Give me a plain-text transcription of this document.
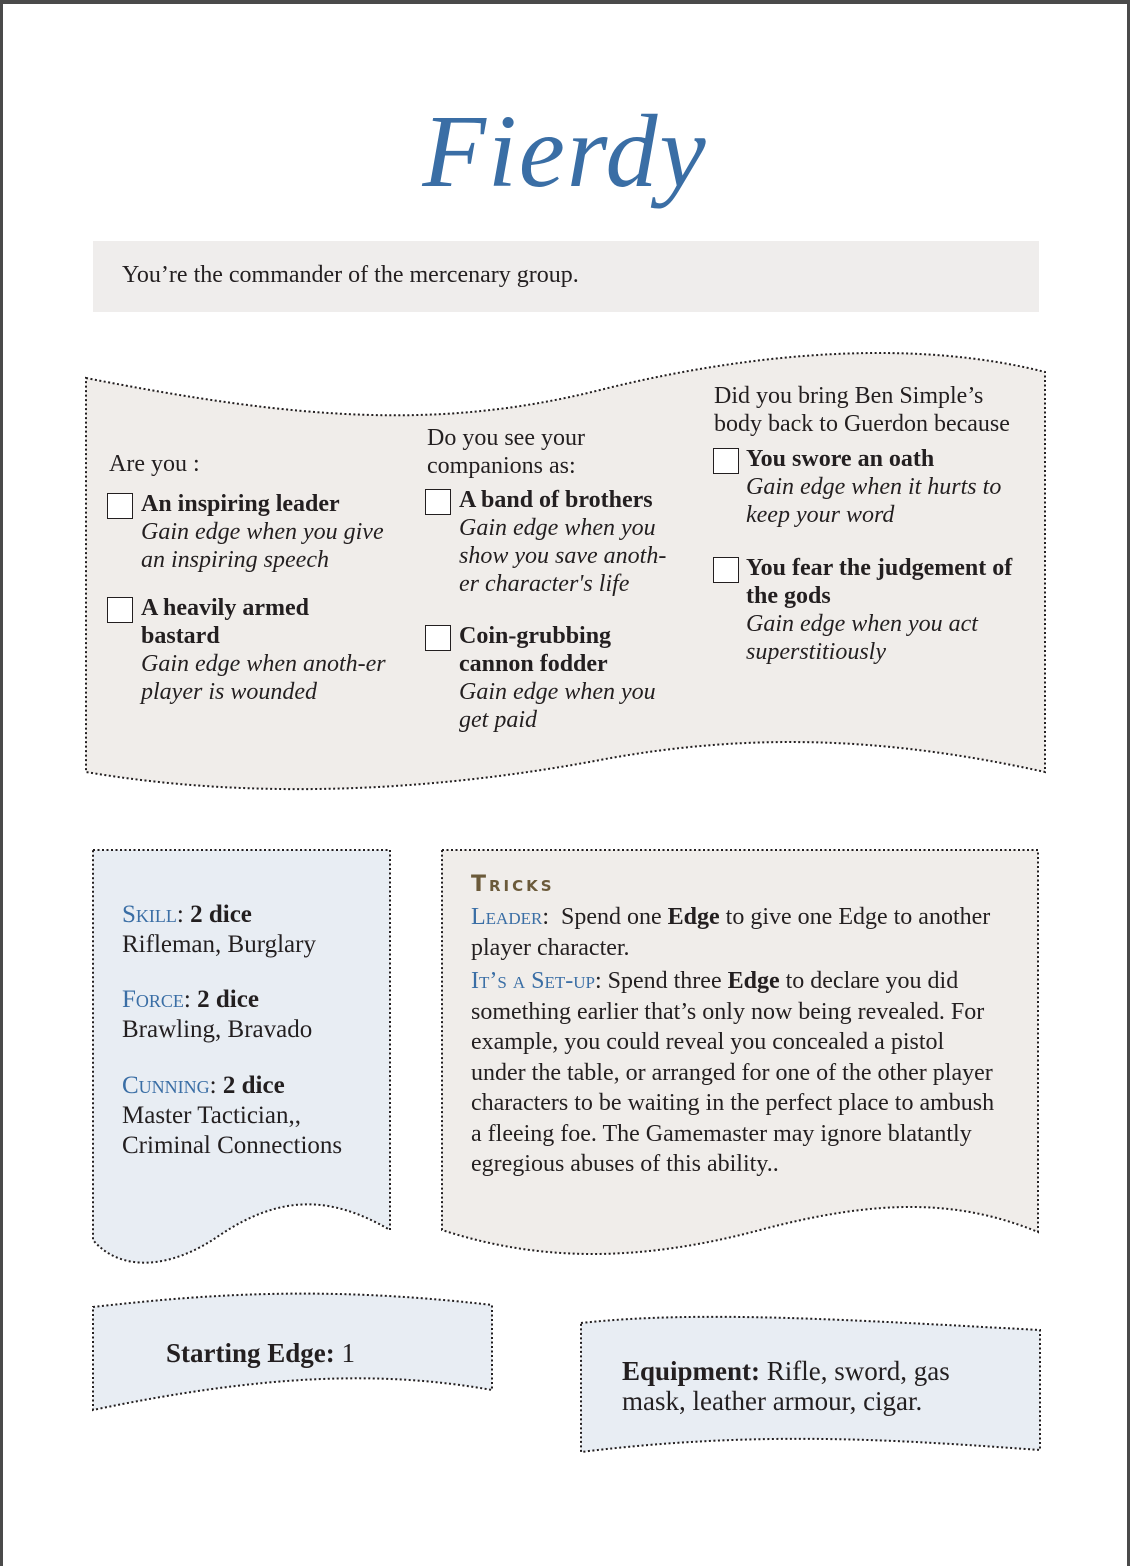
Fierdy
You’re the commander of the mercenary group.
Are you :
An inspiring leader
Gain edge when you give an inspiring speech
A heavily armed bastard
Gain edge when anoth-er player is wounded
Do you see your companions as:
A band of brothers
Gain edge when you show you save anoth-er character's life
Coin-grubbing cannon fodder
Gain edge when you get paid
Did you bring Ben Simple’s body back to Guerdon because
You swore an oath
Gain edge when it hurts to keep your word
You fear the judgement of the gods
Gain edge when you act superstitiously
Skill: 2 dice
Rifleman, Burglary
Force: 2 dice
Brawling, Bravado
Cunning: 2 dice
Master Tactician,, Criminal Connections
Tricks
Leader:  Spend one Edge to give one Edge to another player character.
It’s a Set-up: Spend three Edge to declare you did something earlier that’s only now being revealed. For example, you could reveal you concealed a pistol under the table, or arranged for one of the other player characters to be waiting in the perfect place to ambush a fleeing foe. The Gamemaster may ignore blatantly egregious abuses of this ability..
Starting Edge: 1
Equipment: Rifle, sword, gas mask, leather armour, cigar.
